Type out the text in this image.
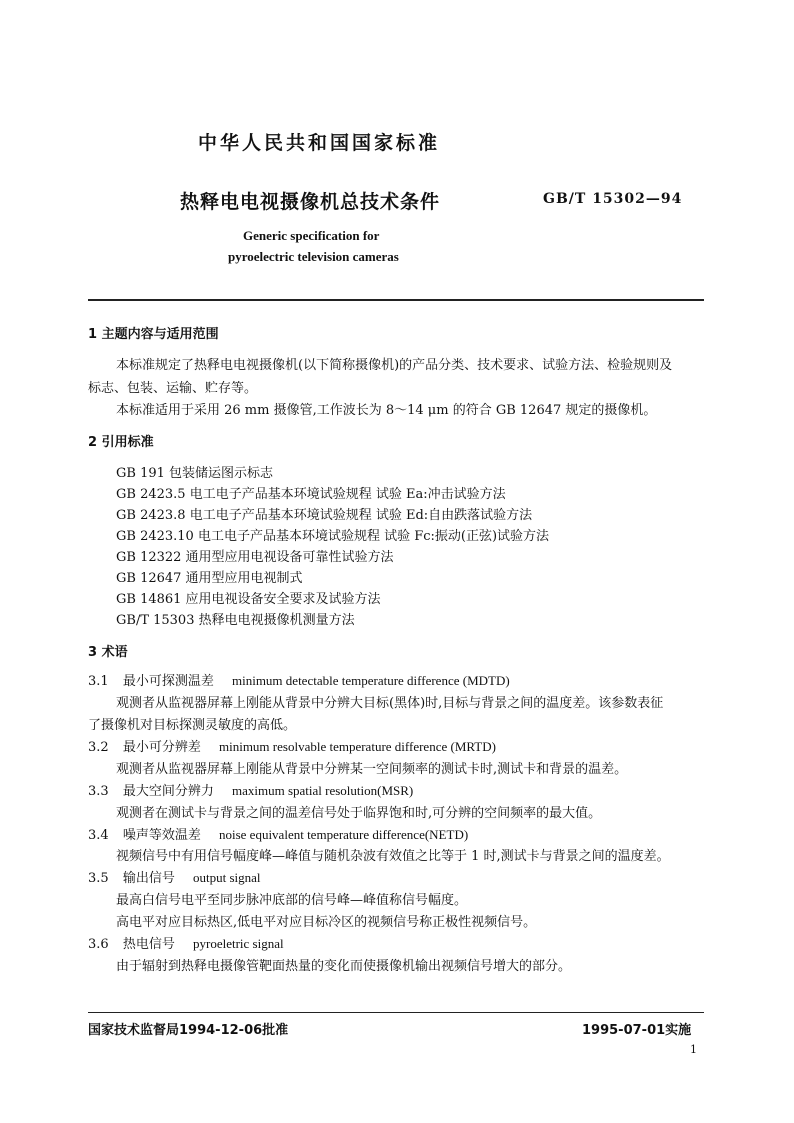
中华人民共和国国家标准
热释电电视摄像机总技术条件	GB/T 15302—94
Generic specification for
pyroelectric television cameras
1 主题内容与适用范围
本标准规定了热释电电视摄像机(以下简称摄像机)的产品分类、技术要求、试验方法、检验规则及
标志、包装、运输、贮存等。
本标准适用于采用 26 mm 摄像管,工作波长为 8～14 μm 的符合 GB 12647 规定的摄像机。
2 引用标准
GB 191 包装储运图示标志
GB 2423.5 电工电子产品基本环境试验规程 试验 Ea:冲击试验方法
GB 2423.8 电工电子产品基本环境试验规程 试验 Ed:自由跌落试验方法
GB 2423.10 电工电子产品基本环境试验规程 试验 Fc:振动(正弦)试验方法
GB 12322 通用型应用电视设备可靠性试验方法
GB 12647 通用型应用电视制式
GB 14861 应用电视设备安全要求及试验方法
GB/T 15303 热释电电视摄像机测量方法
3 术语
3.1 最小可探测温差 minimum detectable temperature difference (MDTD)
观测者从监视器屏幕上刚能从背景中分辨大目标(黑体)时,目标与背景之间的温度差。该参数表征
了摄像机对目标探测灵敏度的高低。
3.2 最小可分辨差 minimum resolvable temperature difference (MRTD)
观测者从监视器屏幕上刚能从背景中分辨某一空间频率的测试卡时,测试卡和背景的温差。
3.3 最大空间分辨力 maximum spatial resolution(MSR)
观测者在测试卡与背景之间的温差信号处于临界饱和时,可分辨的空间频率的最大值。
3.4 噪声等效温差 noise equivalent temperature difference(NETD)
视频信号中有用信号幅度峰—峰值与随机杂波有效值之比等于 1 时,测试卡与背景之间的温度差。
3.5 输出信号 output signal
最高白信号电平至同步脉冲底部的信号峰—峰值称信号幅度。
高电平对应目标热区,低电平对应目标冷区的视频信号称正极性视频信号。
3.6 热电信号 pyroeletric signal
由于辐射到热释电摄像管靶面热量的变化而使摄像机输出视频信号增大的部分。
国家技术监督局1994-12-06批准	1995-07-01实施
1
